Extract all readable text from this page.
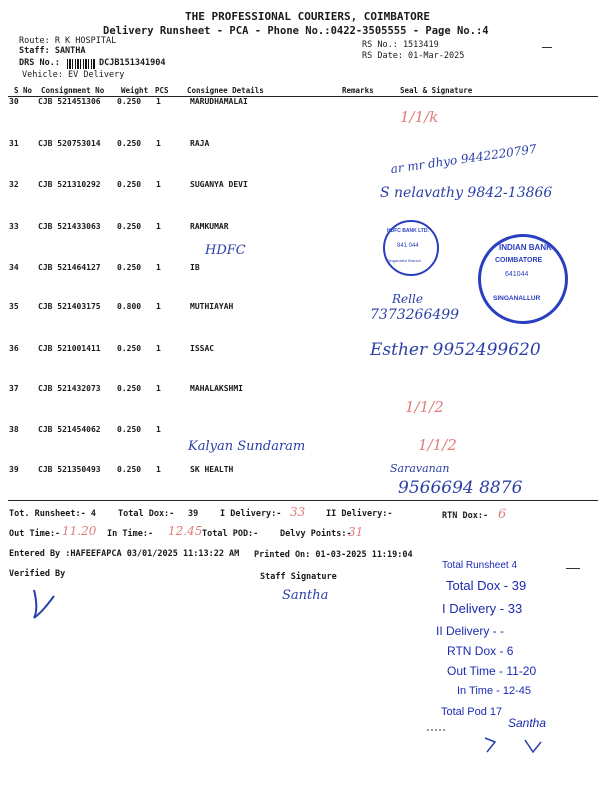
THE PROFESSIONAL COURIERS, COIMBATORE
Delivery Runsheet - PCA - Phone No.:0422-3505555 - Page No.:4
Route: R K HOSPITAL
Staff: SANTHA
DRS No.:	DCJB151341904
Vehicle: EV Delivery
RS No.: 1513419
RS Date: 01-Mar-2025
S No Consignment No Weight PCS Consignee Details	Remarks	Seal & Signature
30 CJB 521451306 0.250 1	MARUDHAMALAI
31 CJB 520753014 0.250 1	RAJA
32 CJB 521310292 0.250 1	SUGANYA DEVI
33 CJB 521433063 0.250 1	RAMKUMAR
34 CJB 521464127 0.250 1	IB
35 CJB 521403175 0.800 1	MUTHIAYAH
36 CJB 521001411 0.250 1	ISSAC
37 CJB 521432073 0.250 1	MAHALAKSHMI
38 CJB 521454062 0.250 1
39 CJB 521350493 0.250 1	SK HEALTH
1/1/k
ar mr dhyo 9442220797
S nelavathy 9842-13866
HDFC
Relle
7373266499
Esther 9952499620
1/1/2
Kalyan Sundaram	1/1/2
Saravanan
9566694 8876
HDFC BANK LTD.
841 044
Singanallur Branch
INDIAN BANK
COIMBATORE
641044
SINGANALLUR
Tot. Runsheet:- 4	Total Dox:- 39	I Delivery:-	II Delivery:-	RTN Dox:-
33	6
Out Time:- 11.20 In Time:- 12.45 Total POD:-	Delvy Points:-
31
Entered By :HAFEEFAPCA 03/01/2025 11:13:22 AM Printed On: 01-03-2025 11:19:04
Verified By	Staff Signature
Santha
Total Runsheet 4
Total Dox - 39
I Delivery - 33
II Delivery - -
RTN Dox - 6
Out Time - 11-20
In Time - 12-45
Total Pod 17
Santha
